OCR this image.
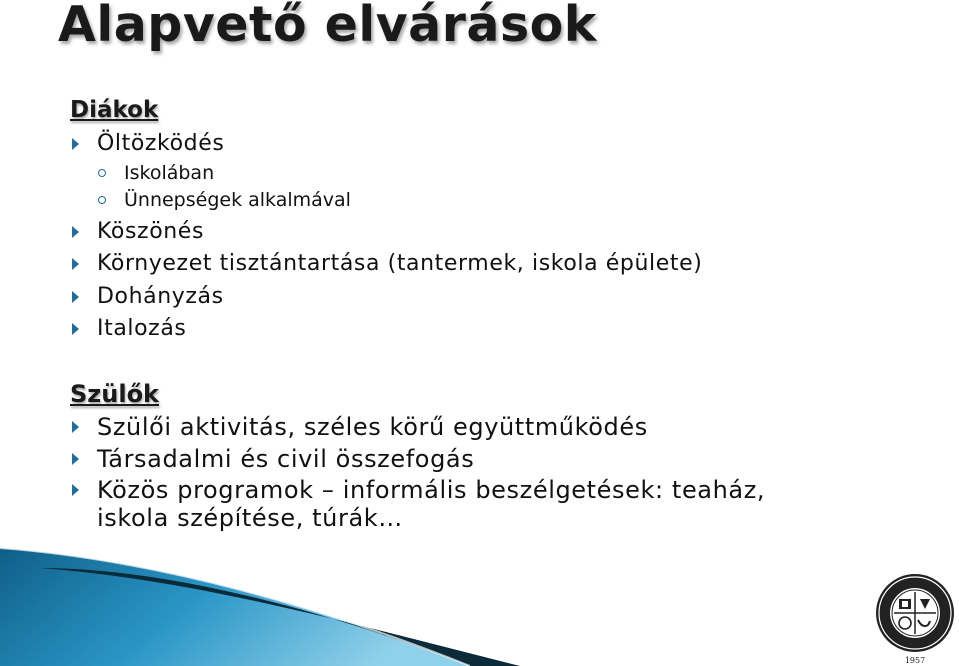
Alapvető elvárások
Diákok
Öltözködés
Iskolában
Ünnepségek alkalmával
Köszönés
Környezet tisztántartása (tantermek, iskola épülete)
Dohányzás
Italozás
Szülők
Szülői aktivitás, széles körű együttműködés
Társadalmi és civil összefogás
Közös programok – informális beszélgetések: teaház,
iskola szépítése, túrák…
1957
